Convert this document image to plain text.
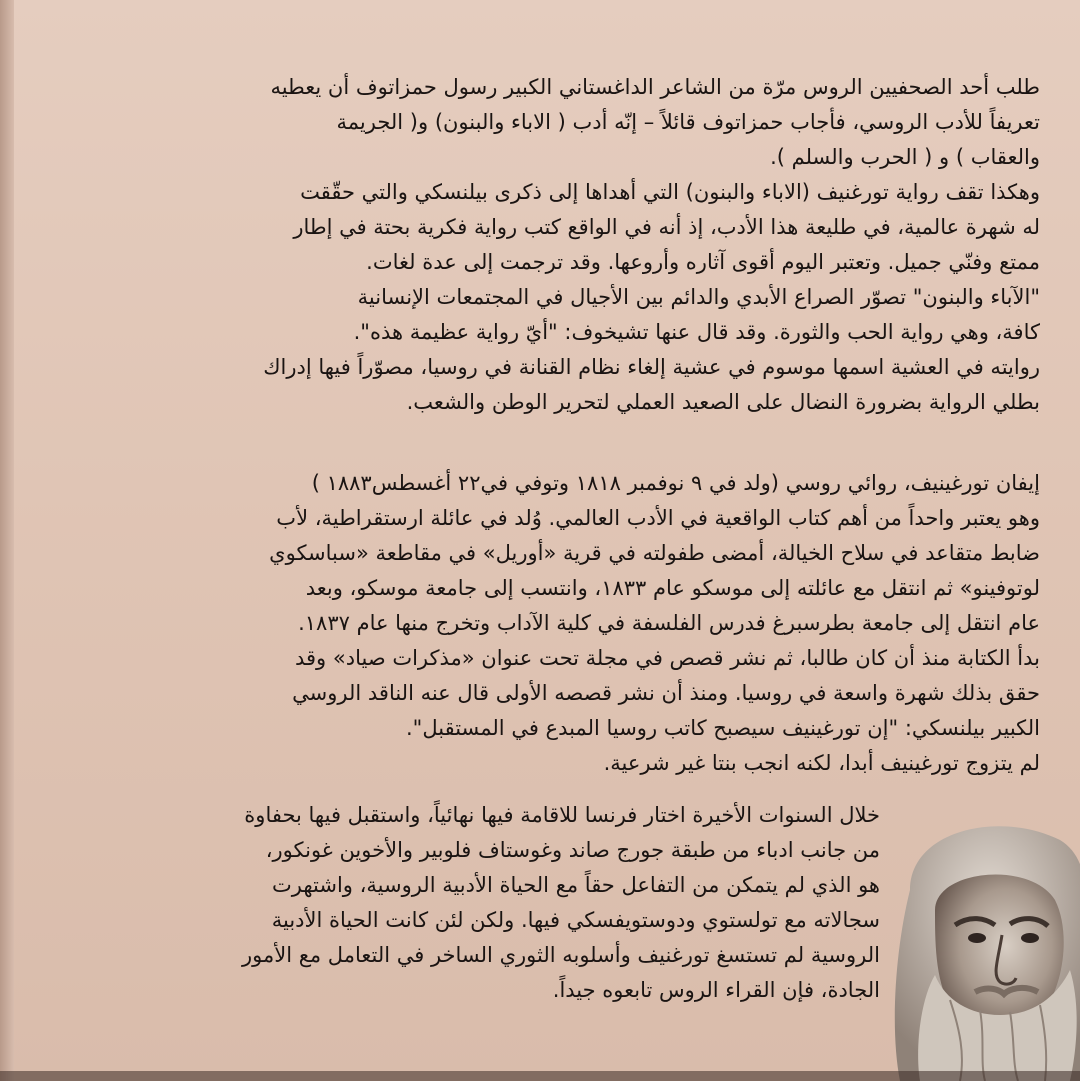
طلب أحد الصحفيين الروس مرّة من الشاعر الداغستاني الكبير رسول حمزاتوف أن يعطيه

تعريفاً للأدب الروسي، فأجاب حمزاتوف قائلاً – إنّه أدب ( الاباء والبنون) و( الجريمة

والعقاب ) و ( الحرب والسلم ).

وهكذا تقف رواية تورغنيف (الاباء والبنون) التي أهداها إلى ذكرى بيلنسكي والتي حقّقت

له شهرة عالمية، في طليعة هذا الأدب، إذ أنه في الواقع كتب رواية فكرية بحتة في إطار

ممتع وفنّي جميل. وتعتبر اليوم أقوى آثاره وأروعها. وقد ترجمت إلى عدة لغات.

"الآباء والبنون" تصوّر الصراع الأبدي والدائم بين الأجيال في المجتمعات الإنسانية

كافة، وهي رواية الحب والثورة. وقد قال عنها تشيخوف: "أيّ رواية عظيمة هذه".

روايته في العشية اسمها موسوم في عشية إلغاء نظام القنانة في روسيا، مصوّراً فيها إدراك

بطلي الرواية بضرورة النضال على الصعيد العملي لتحرير الوطن والشعب.

إيفان تورغينيف، روائي روسي (ولد في ٩ نوفمبر ١٨١٨ وتوفي في٢٢ أغسطس١٨٨٣ )

وهو يعتبر واحداً من أهم كتاب الواقعية في الأدب العالمي. وُلد في عائلة ارستقراطية، لأب

ضابط متقاعد في سلاح الخيالة، أمضى طفولته في قرية «أوريل» في مقاطعة «سباسكوي

لوتوفينو» ثم انتقل مع عائلته إلى موسكو عام ١٨٣٣، وانتسب إلى جامعة موسكو، وبعد

عام انتقل إلى جامعة بطرسبرغ فدرس الفلسفة في كلية الآداب وتخرج منها عام ١٨٣٧.

بدأ الكتابة منذ أن كان طالبا، ثم نشر قصص في مجلة تحت عنوان «مذكرات صياد» وقد

حقق بذلك شهرة واسعة في روسيا. ومنذ أن نشر قصصه الأولى قال عنه الناقد الروسي

الكبير بيلنسكي: "إن تورغينيف سيصبح كاتب روسيا المبدع في المستقبل".

لم يتزوج تورغينيف أبدا، لكنه انجب بنتا غير شرعية.

خلال السنوات الأخيرة اختار فرنسا للاقامة فيها نهائياً، واستقبل فيها بحفاوة

من جانب ادباء من طبقة جورج صاند وغوستاف فلوبير والأخوين غونكور،

هو الذي لم يتمكن من التفاعل حقاً مع الحياة الأدبية الروسية، واشتهرت

سجالاته مع تولستوي ودوستويفسكي فيها. ولكن لئن كانت الحياة الأدبية

الروسية لم تستسغ تورغنيف وأسلوبه الثوري الساخر في التعامل مع الأمور

الجادة، فإن القراء الروس تابعوه جيداً.
